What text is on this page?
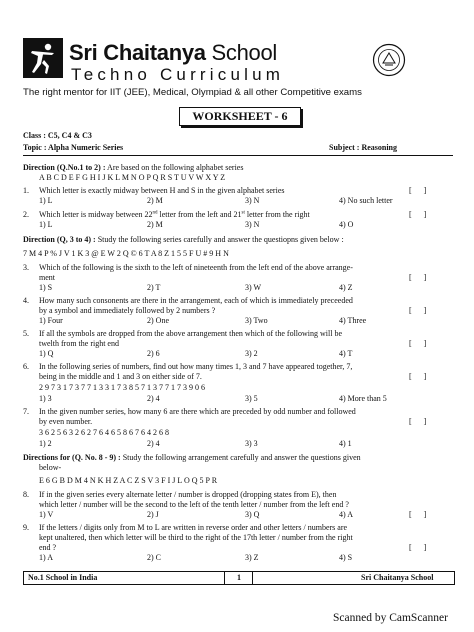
Sri Chaitanya School
Techno Curriculum
The right mentor for IIT (JEE), Medical, Olympiad & all other Competitive exams
WORKSHEET - 6
Class : C5, C4 & C3
Topic : Alpha Numeric Series	Subject : Reasoning
Direction (Q.No.1 to 2) : Are based on the following alphabet series
A B C D E F G H I J K L M N O P Q R S T U V W X Y Z
1. Which letter is exactly midway between H and S in the given alphabet series	[      ]
1) L	2) M	3) N	4) No such letter
2. Which letter is midway between 22nd letter from the left and 21st letter from the right	[      ]
1) L	2) M	3) N	4) O
Direction (Q, 3 to 4) : Study the following series carefully and answer the questiopns given below :
7 M 4 P % J V 1 K 3 @ E W 2 Q © 6 T A 8 Z 1 5 5 F U # 9 H N
3. Which of the following is the sixth to the left of nineteenth from the left end of the above arrange-
ment	[      ]
1) S	2) T	3) W	4) Z
4. How many such consonents are there in the arrangement, each of which is immediately preceeded
by a symbol and immediately followed by 2 numbers ?	[      ]
1) Four	2) One	3) Two	4) Three
5. If all the symbols are dropped from the above arrangement then which of the following will be
twelth from the right end	[      ]
1) Q	2) 6	3) 2	4) T
6. In the following series of numbers, find out how many times 1, 3 and 7 have appeared together, 7,
being in the middle and 1 and 3 on either side of 7.	[      ]
2 9 7 3 1 7 3 7 7 1 3 3 1 7 3 8 5 7 1 3 7 7 1 7 3 9 0 6
1) 3	2) 4	3) 5	4) More than 5
7. In the given number series, how many 6 are there which are preceded by odd number and followed
by even number.	[      ]
3 6 2 5 6 3 2 6 2 7 6 4 6 5 8 6 7 6 4 2 6 8
1) 2	2) 4	3) 3	4) 1
Directions for (Q. No. 8 - 9) : Study the following arrangement carefully and answer the questions given
below-
E 6 G B D M 4 N K H Z A C Z S V 3 F I J L O Q 5 P R
8. If in the given series every alternate letter / number is dropped (dropping states from E), then
which letter / number will be the second to the left of the tenth letter / number from the left end ?
[      ]
1) V	2) J	3) Q	4) A
9. If the letters / digits only from M to L are written in reverse order and other letters / numbers are
kept unaltered, then which letter will be third to the right of the 17th letter / number from the right
end ?	[      ]
1) A	2) C	3) Z	4) S
No.1 School in India	1	Sri Chaitanya School
Scanned by CamScanner
